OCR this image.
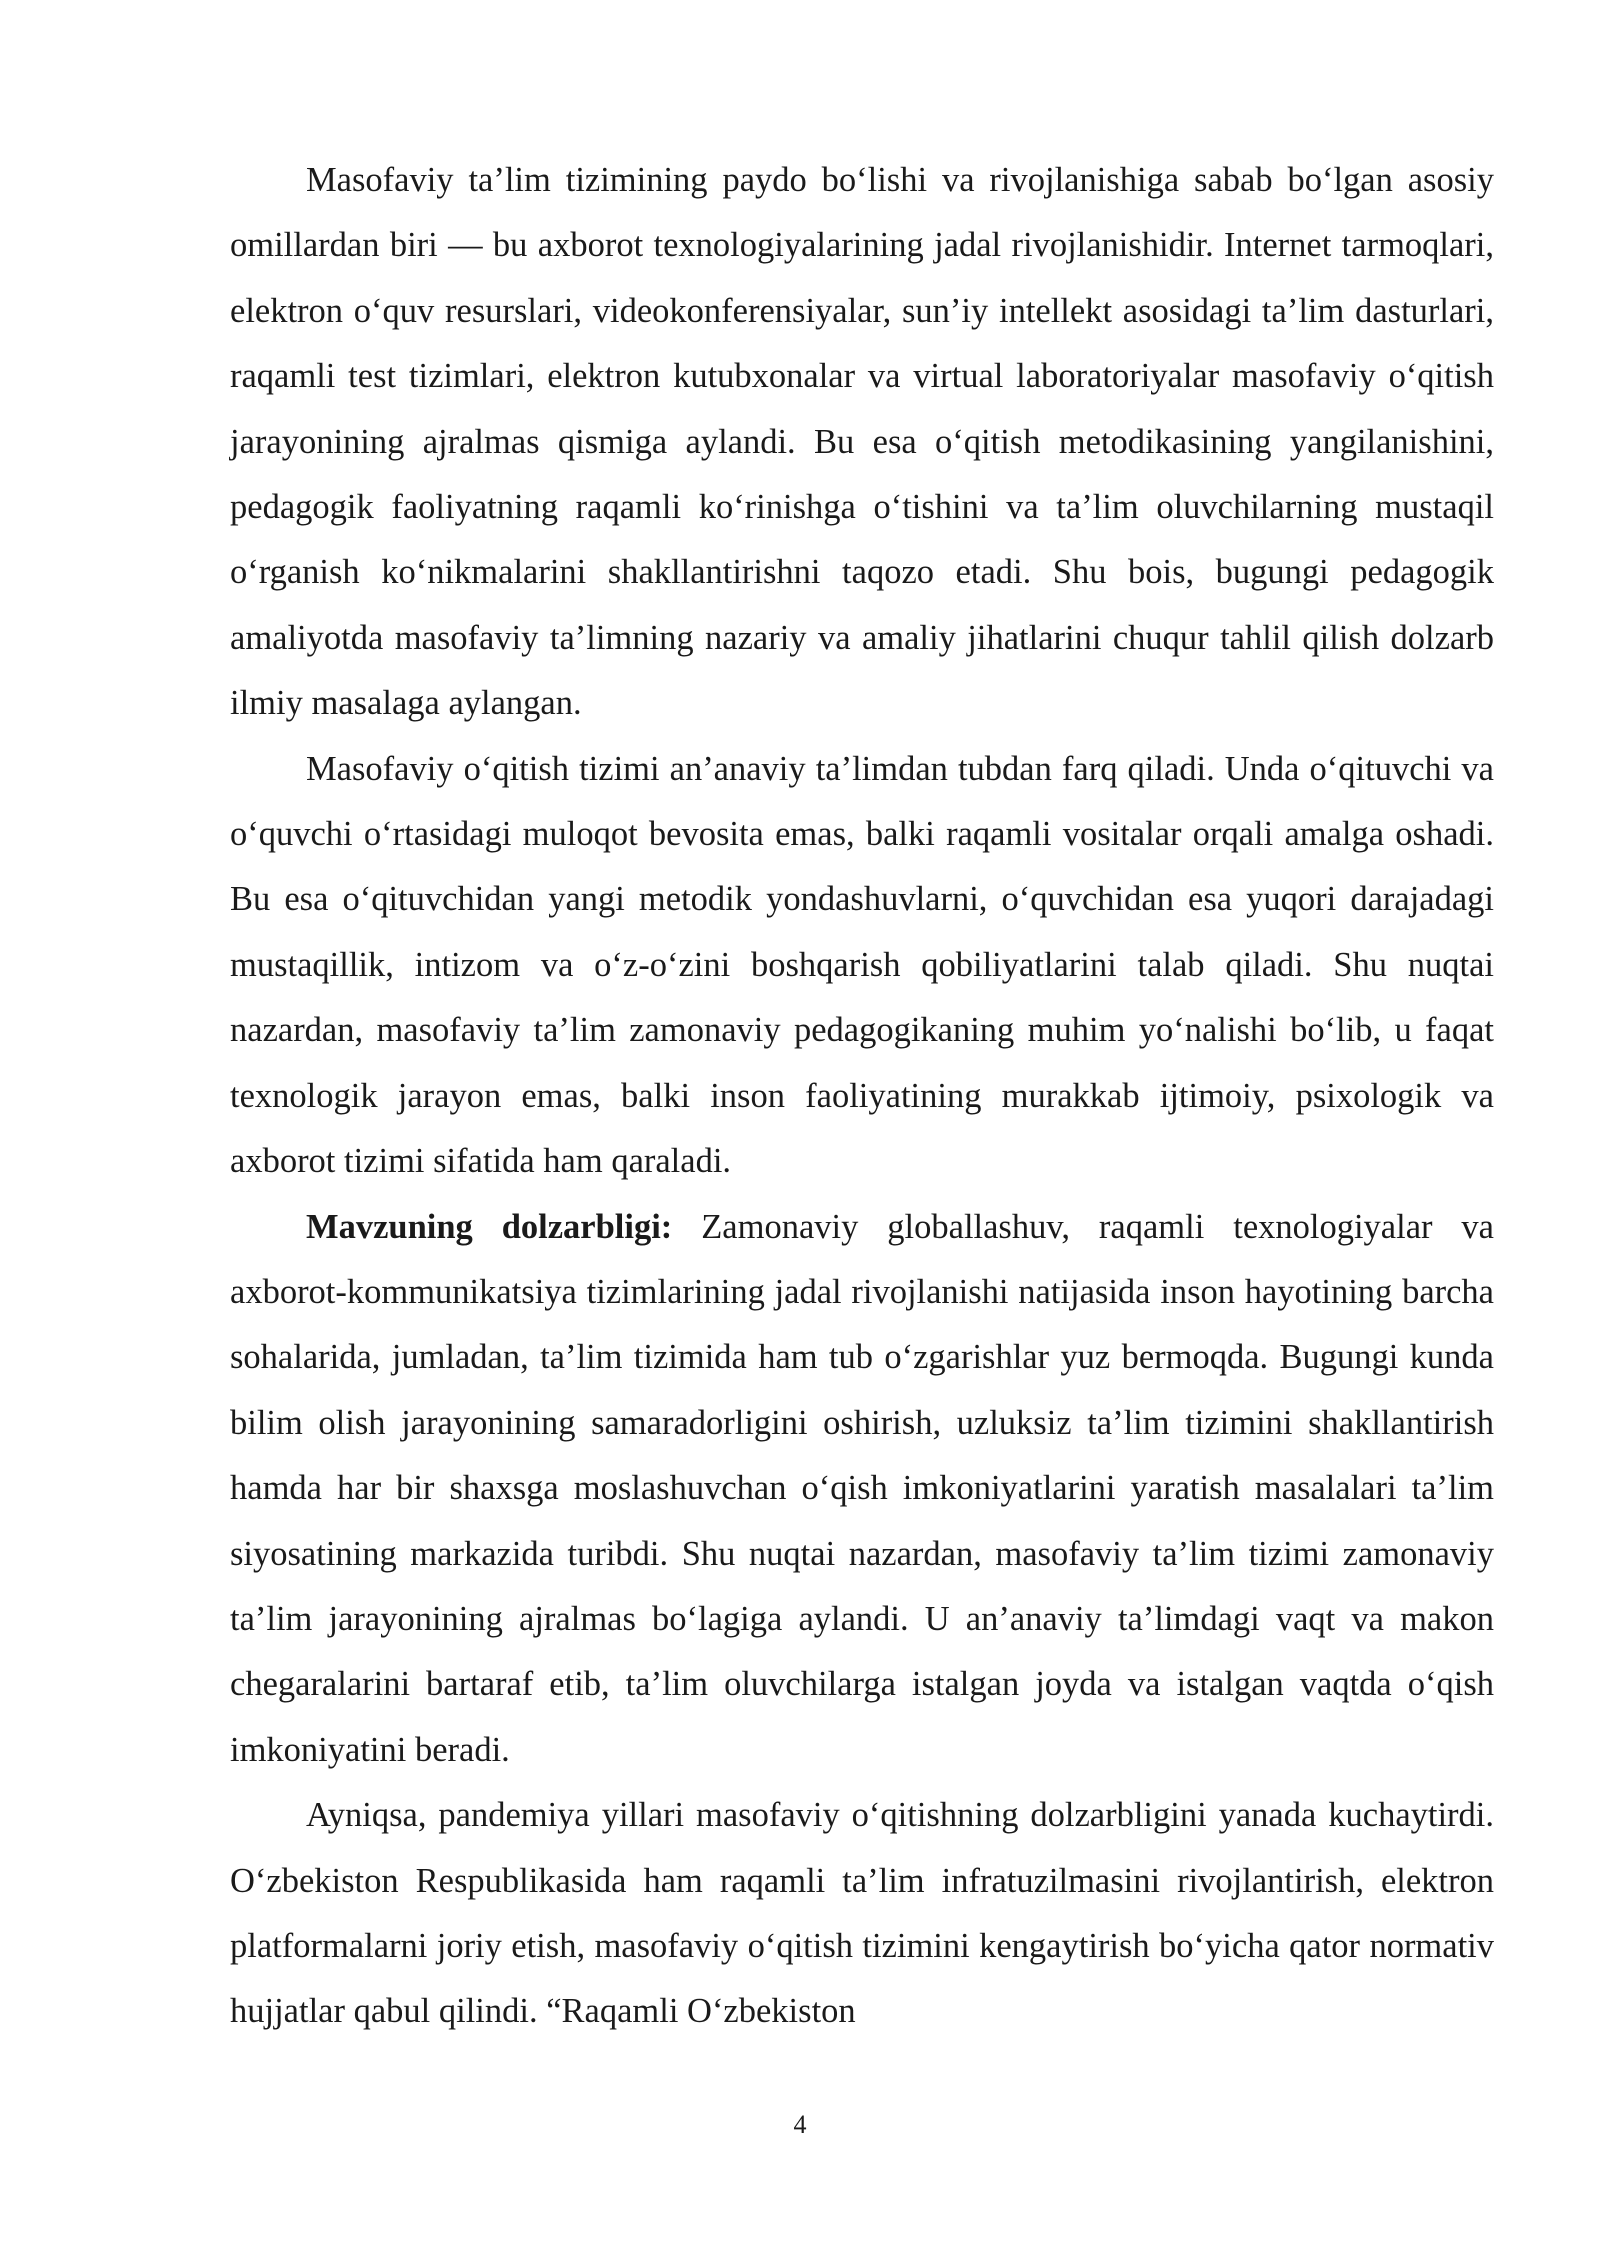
Masofaviy ta’lim tizimining paydo bo‘lishi va rivojlanishiga sabab bo‘lgan asosiy omillardan biri — bu axborot texnologiyalarining jadal rivojlanishidir. Internet tarmoqlari, elektron o‘quv resurslari, videokonferensiyalar, sun’iy intellekt asosidagi ta’lim dasturlari, raqamli test tizimlari, elektron kutubxonalar va virtual laboratoriyalar masofaviy o‘qitish jarayonining ajralmas qismiga aylandi. Bu esa o‘qitish metodikasining yangilanishini, pedagogik faoliyatning raqamli ko‘rinishga o‘tishini va ta’lim oluvchilarning mustaqil o‘rganish ko‘nikmalarini shakllantirishni taqozo etadi. Shu bois, bugungi pedagogik amaliyotda masofaviy ta’limning nazariy va amaliy jihatlarini chuqur tahlil qilish dolzarb ilmiy masalaga aylangan.

Masofaviy o‘qitish tizimi an’anaviy ta’limdan tubdan farq qiladi. Unda o‘qituvchi va o‘quvchi o‘rtasidagi muloqot bevosita emas, balki raqamli vositalar orqali amalga oshadi. Bu esa o‘qituvchidan yangi metodik yondashuvlarni, o‘quvchidan esa yuqori darajadagi mustaqillik, intizom va o‘z-o‘zini boshqarish qobiliyatlarini talab qiladi. Shu nuqtai nazardan, masofaviy ta’lim zamonaviy pedagogikaning muhim yo‘nalishi bo‘lib, u faqat texnologik jarayon emas, balki inson faoliyatining murakkab ijtimoiy, psixologik va axborot tizimi sifatida ham qaraladi.

Mavzuning dolzarbligi: Zamonaviy globallashuv, raqamli texnologiyalar va axborot-kommunikatsiya tizimlarining jadal rivojlanishi natijasida inson hayotining barcha sohalarida, jumladan, ta’lim tizimida ham tub o‘zgarishlar yuz bermoqda. Bugungi kunda bilim olish jarayonining samaradorligini oshirish, uzluksiz ta’lim tizimini shakllantirish hamda har bir shaxsga moslashuvchan o‘qish imkoniyatlarini yaratish masalalari ta’lim siyosatining markazida turibdi. Shu nuqtai nazardan, masofaviy ta’lim tizimi zamonaviy ta’lim jarayonining ajralmas bo‘lagiga aylandi. U an’anaviy ta’limdagi vaqt va makon chegaralarini bartaraf etib, ta’lim oluvchilarga istalgan joyda va istalgan vaqtda o‘qish imkoniyatini beradi.

Ayniqsa, pandemiya yillari masofaviy o‘qitishning dolzarbligini yanada kuchaytirdi. O‘zbekiston Respublikasida ham raqamli ta’lim infratuzilmasini rivojlantirish, elektron platformalarni joriy etish, masofaviy o‘qitish tizimini kengaytirish bo‘yicha qator normativ hujjatlar qabul qilindi. “Raqamli O‘zbekiston

4
